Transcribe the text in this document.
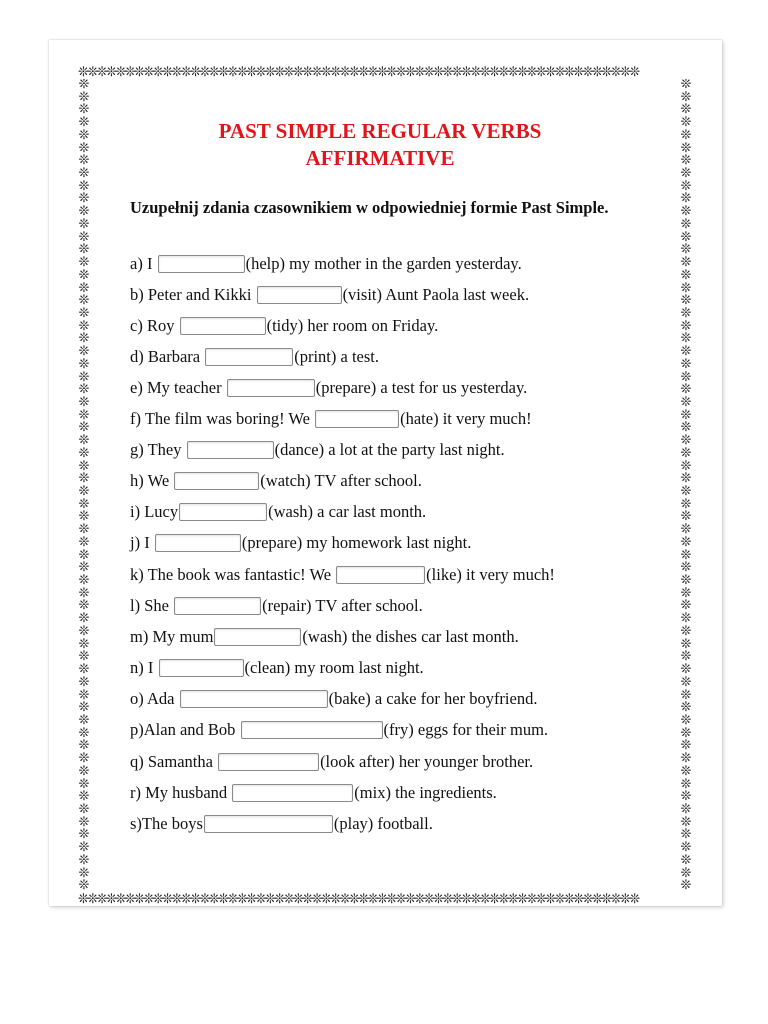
❊❊❊❊❊❊❊❊❊❊❊❊❊❊❊❊❊❊❊❊❊❊❊❊❊❊❊❊❊❊❊❊❊❊❊❊❊❊❊❊❊❊❊❊❊❊❊❊❊❊❊❊❊❊❊❊❊❊❊❊
❊❊❊❊❊❊❊❊❊❊❊❊❊❊❊❊❊❊❊❊❊❊❊❊❊❊❊❊❊❊❊❊❊❊❊❊❊❊❊❊❊❊❊❊❊❊❊❊❊❊❊❊❊❊❊❊❊❊❊❊
❊
❊
❊
❊
❊
❊
❊
❊
❊
❊
❊
❊
❊
❊
❊
❊
❊
❊
❊
❊
❊
❊
❊
❊
❊
❊
❊
❊
❊
❊
❊
❊
❊
❊
❊
❊
❊
❊
❊
❊
❊
❊
❊
❊
❊
❊
❊
❊
❊
❊
❊
❊
❊
❊
❊
❊
❊
❊
❊
❊
❊
❊
❊
❊
❊
❊
❊
❊
❊
❊
❊
❊
❊
❊
❊
❊
❊
❊
❊
❊
❊
❊
❊
❊
❊
❊
❊
❊
❊
❊
❊
❊
❊
❊
❊
❊
❊
❊
❊
❊
❊
❊
❊
❊
❊
❊
❊
❊
❊
❊
❊
❊
❊
❊
❊
❊
❊
❊
❊
❊
❊
❊
❊
❊
❊
❊
❊
❊
PAST SIMPLE REGULAR VERBS
AFFIRMATIVE

Uzupełnij zdania czasownikiem w odpowiedniej formie Past Simple.

a) I	(help) my mother in the garden yesterday.
b) Peter and Kikki	(visit) Aunt Paola last week.
c) Roy	(tidy) her room on Friday.
d) Barbara	(print) a test.
e) My teacher	(prepare) a test for us yesterday.
f) The film was boring! We	(hate) it very much!
g) They	(dance) a lot at the party last night.
h) We	(watch) TV after school.
i) Lucy	(wash) a car last month.
j) I	(prepare) my homework last night.
k) The book was fantastic! We	(like) it very much!
l) She	(repair) TV after school.
m) My mum	(wash) the dishes car last month.
n) I	(clean) my room last night.
o) Ada	(bake) a cake for her boyfriend.
p)Alan and Bob	(fry) eggs for their mum.
q) Samantha	(look after) her younger brother.
r) My husband	(mix) the ingredients.
s)The boys	(play) football.
